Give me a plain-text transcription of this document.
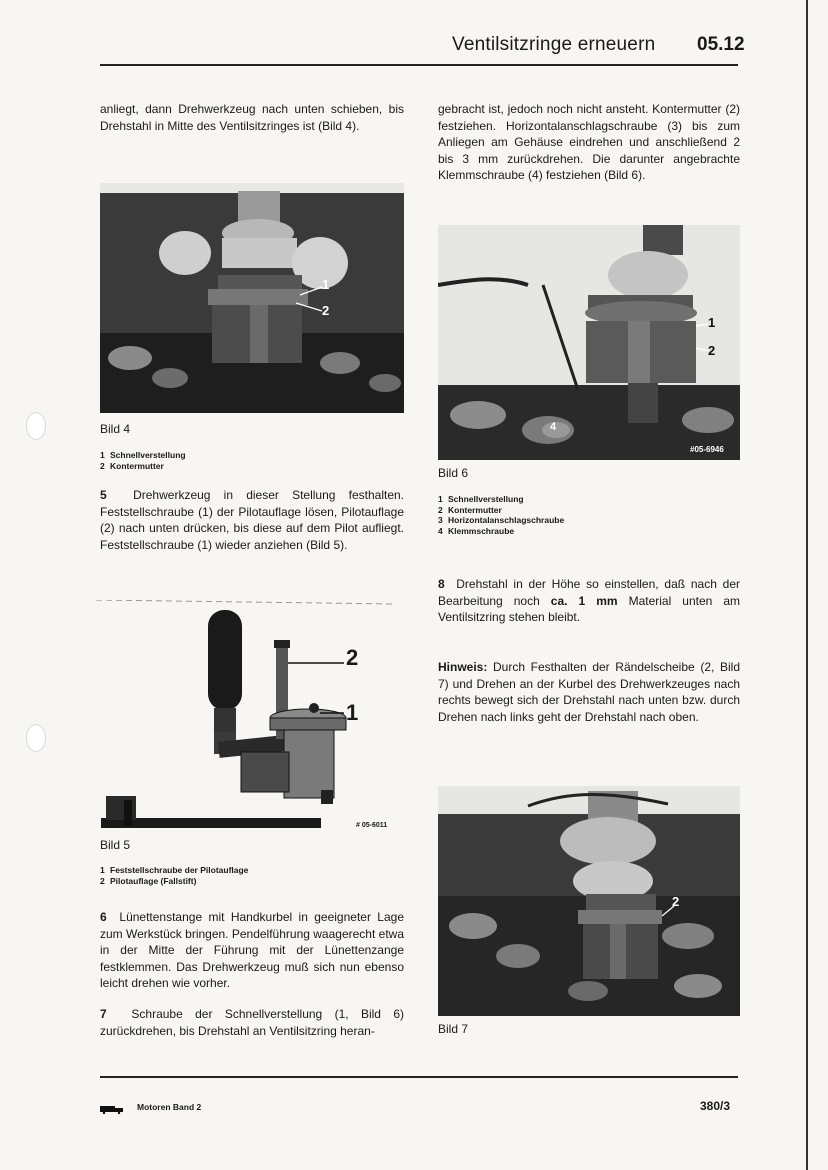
Ventilsitzringe erneuern 05.12

anliegt, dann Drehwerkzeug nach unten schieben, bis Drehstahl in Mitte des Ventilsitzringes ist (Bild 4).

1
2
Bild 4
1 Schnellverstellung
2 Kontermutter

5 Drehwerkzeug in dieser Stellung festhalten. Feststellschraube (1) der Pilotauflage lösen, Pilotauflage (2) nach unten drücken, bis diese auf dem Pilot aufliegt. Feststellschraube (1) wieder anziehen (Bild 5).

2
1
# 05-6011
Bild 5
1 Feststellschraube der Pilotauflage
2 Pilotauflage (Fallstift)

6 Lünettenstange mit Handkurbel in geeigneter Lage zum Werkstück bringen. Pendelführung waagerecht etwa in der Mitte der Führung mit der Lünettenzange festklemmen. Das Drehwerkzeug muß sich nun ebenso leicht drehen wie vorher.

7 Schraube der Schnellverstellung (1, Bild 6) zurückdrehen, bis Drehstahl an Ventilsitzring heran-

gebracht ist, jedoch noch nicht ansteht. Kontermutter (2) festziehen. Horizontalanschlagschraube (3) bis zum Anliegen am Gehäuse eindrehen und anschließend 2 bis 3 mm zurückdrehen. Die darunter angebrachte Klemmschraube (4) festziehen (Bild 6).

1
2
4
#05-6946
Bild 6
1 Schnellverstellung
2 Kontermutter
3 Horizontalanschlagschraube
4 Klemmschraube

8 Drehstahl in der Höhe so einstellen, daß nach der Bearbeitung noch ca. 1 mm Material unten am Ventilsitzring stehen bleibt.

Hinweis: Durch Festhalten der Rändelscheibe (2, Bild 7) und Drehen an der Kurbel des Drehwerkzeuges nach rechts bewegt sich der Drehstahl nach unten bzw. durch Drehen nach links geht der Drehstahl nach oben.

2
Bild 7
Motoren Band 2	380/3
